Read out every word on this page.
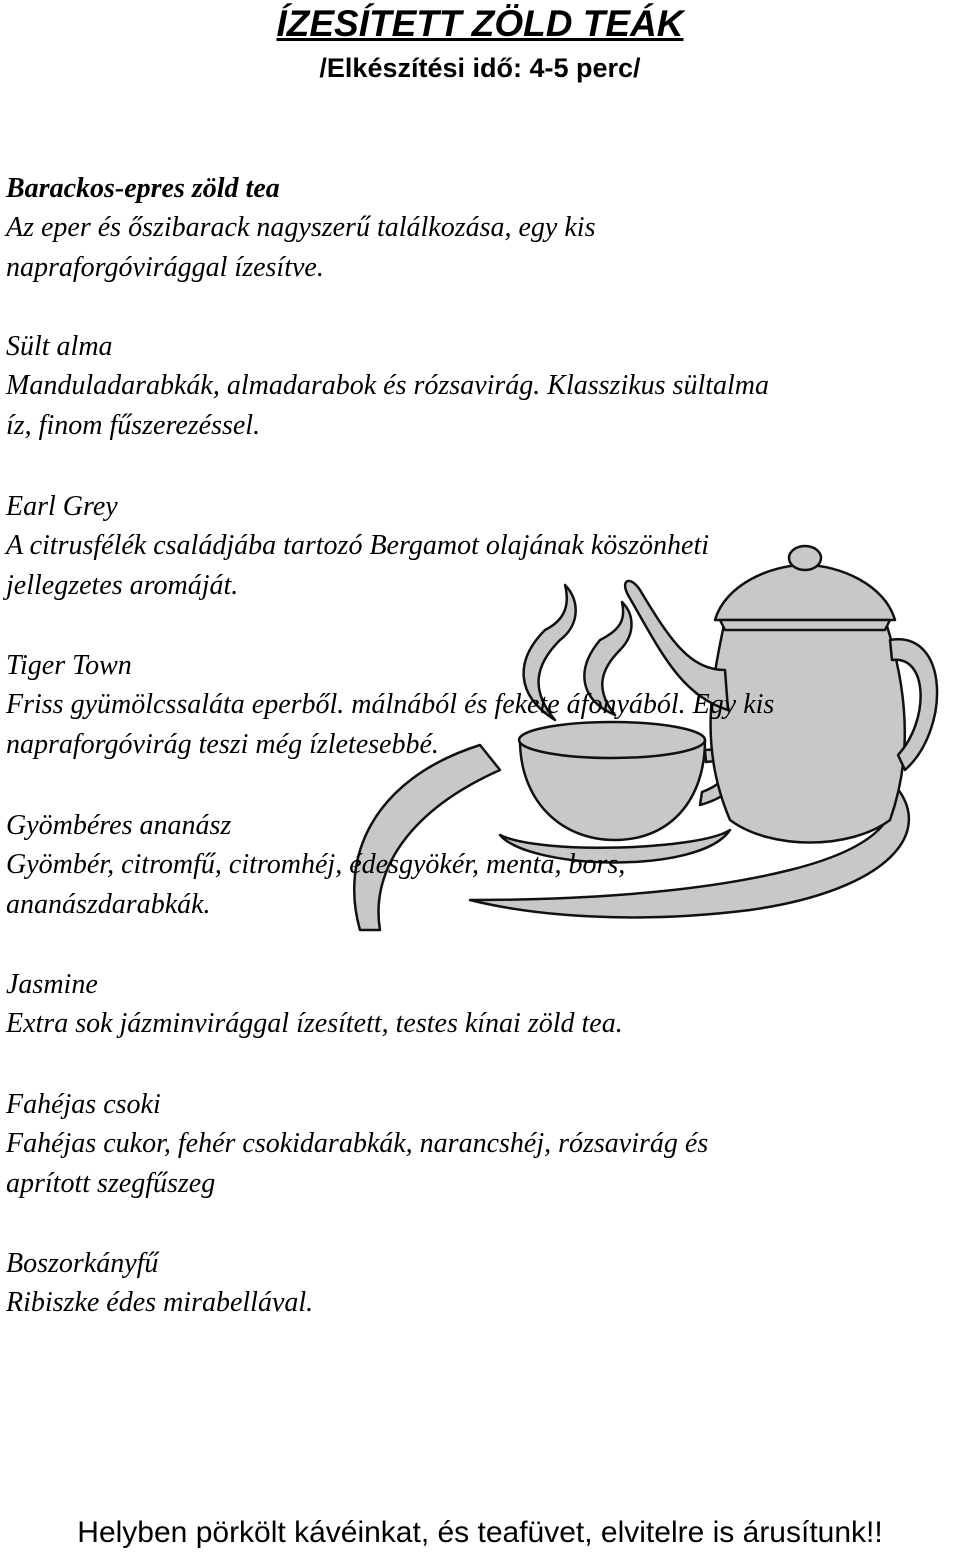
ÍZESÍTETT ZÖLD TEÁK
/Elkészítési idő: 4-5 perc/

Barackos-epres zöld tea

Az eper és őszibarack nagyszerű találkozása, egy kis

napraforgóvirággal ízesítve.

Sült alma

Manduladarabkák, almadarabok és rózsavirág. Klasszikus sültalma

íz, finom fűszerezéssel.

Earl Grey

A citrusfélék családjába tartozó Bergamot olajának köszönheti

jellegzetes aromáját.

Tiger Town

Friss gyümölcssaláta eperből. málnából és fekete áfonyából. Egy kis

napraforgóvirág teszi még ízletesebbé.

Gyömbéres ananász

Gyömbér, citromfű, citromhéj, édesgyökér, menta, bors,

ananászdarabkák.

Jasmine

Extra sok jázminvirággal ízesített, testes kínai zöld tea.

Fahéjas csoki

Fahéjas cukor, fehér csokidarabkák, narancshéj, rózsavirág és

aprított szegfűszeg

Boszorkányfű

Ribiszke édes mirabellával.

Helyben pörkölt kávéinkat, és teafüvet, elvitelre is árusítunk!!
